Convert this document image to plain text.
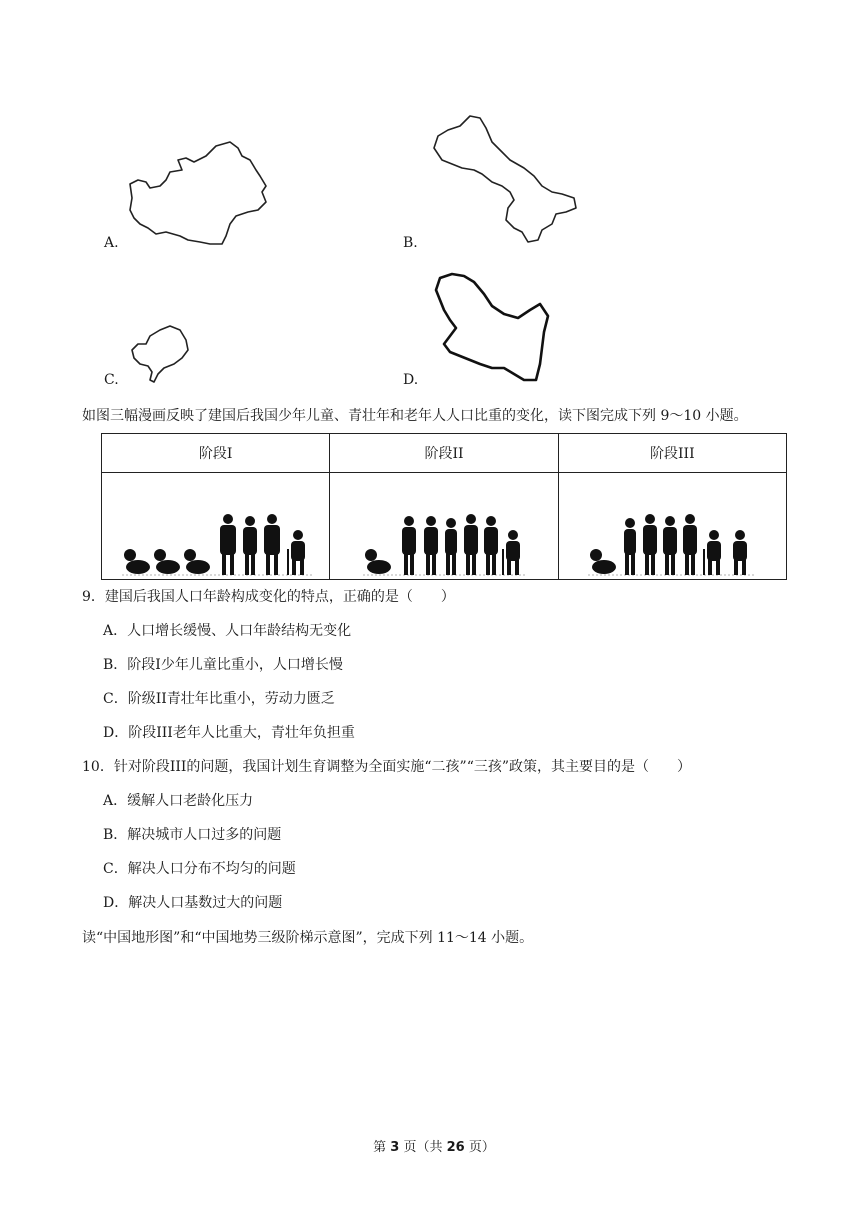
A.	B.
C.	D.
如图三幅漫画反映了建国后我国少年儿童、青壮年和老年人人口比重的变化，读下图完成下列 9～10 小题。
阶段I	阶段II	阶段III

9．建国后我国人口年龄构成变化的特点，正确的是（　　）
A．人口增长缓慢、人口年龄结构无变化
B．阶段I少年儿童比重小，人口增长慢
C．阶级II青壮年比重小，劳动力匮乏
D．阶段III老年人比重大，青壮年负担重
10．针对阶段III的问题，我国计划生育调整为全面实施“二孩”“三孩”政策，其主要目的是（　　）
A．缓解人口老龄化压力
B．解决城市人口过多的问题
C．解决人口分布不均匀的问题
D．解决人口基数过大的问题
读“中国地形图”和“中国地势三级阶梯示意图”，完成下列 11～14 小题。
第 3 页（共 26 页）
